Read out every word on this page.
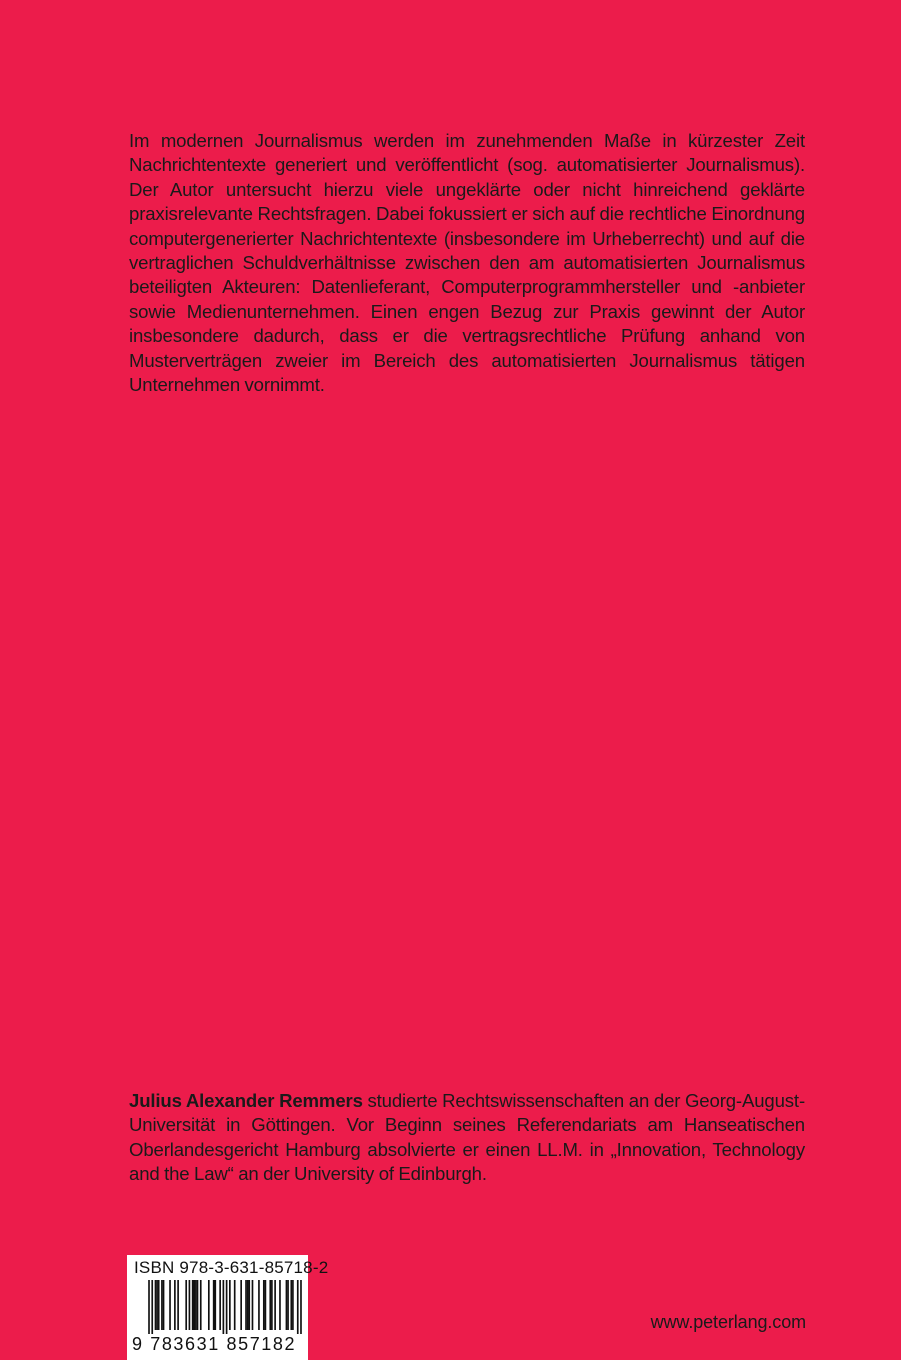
Im modernen Journalismus werden im zunehmenden Maße in kürzester Zeit Nachrichtentexte generiert und veröffentlicht (sog. automatisierter Journalismus). Der Autor untersucht hierzu viele ungeklärte oder nicht hinreichend geklärte praxisrelevante Rechtsfragen. Dabei fokussiert er sich auf die rechtliche Einordnung computergenerierter Nachrichtentexte (insbesondere im Urheberrecht) und auf die vertraglichen Schuldverhältnisse zwischen den am automatisierten Journalismus beteiligten Akteuren: Datenlieferant, Computerprogrammhersteller und -anbieter sowie Medienunternehmen. Einen engen Bezug zur Praxis gewinnt der Autor insbesondere dadurch, dass er die vertragsrechtliche Prüfung anhand von Musterverträgen zweier im Bereich des automatisierten Journalismus tätigen Unternehmen vornimmt.

Julius Alexander Remmers studierte Rechtswissenschaften an der Georg-August-Universität in Göttingen. Vor Beginn seines Referendariats am Hanseatischen Oberlandesgericht Hamburg absolvierte er einen LL.M. in „Innovation, Technology and the Law“ an der University of Edinburgh.

ISBN 978-3-631-85718-2
9 783631 857182
www.peterlang.com
